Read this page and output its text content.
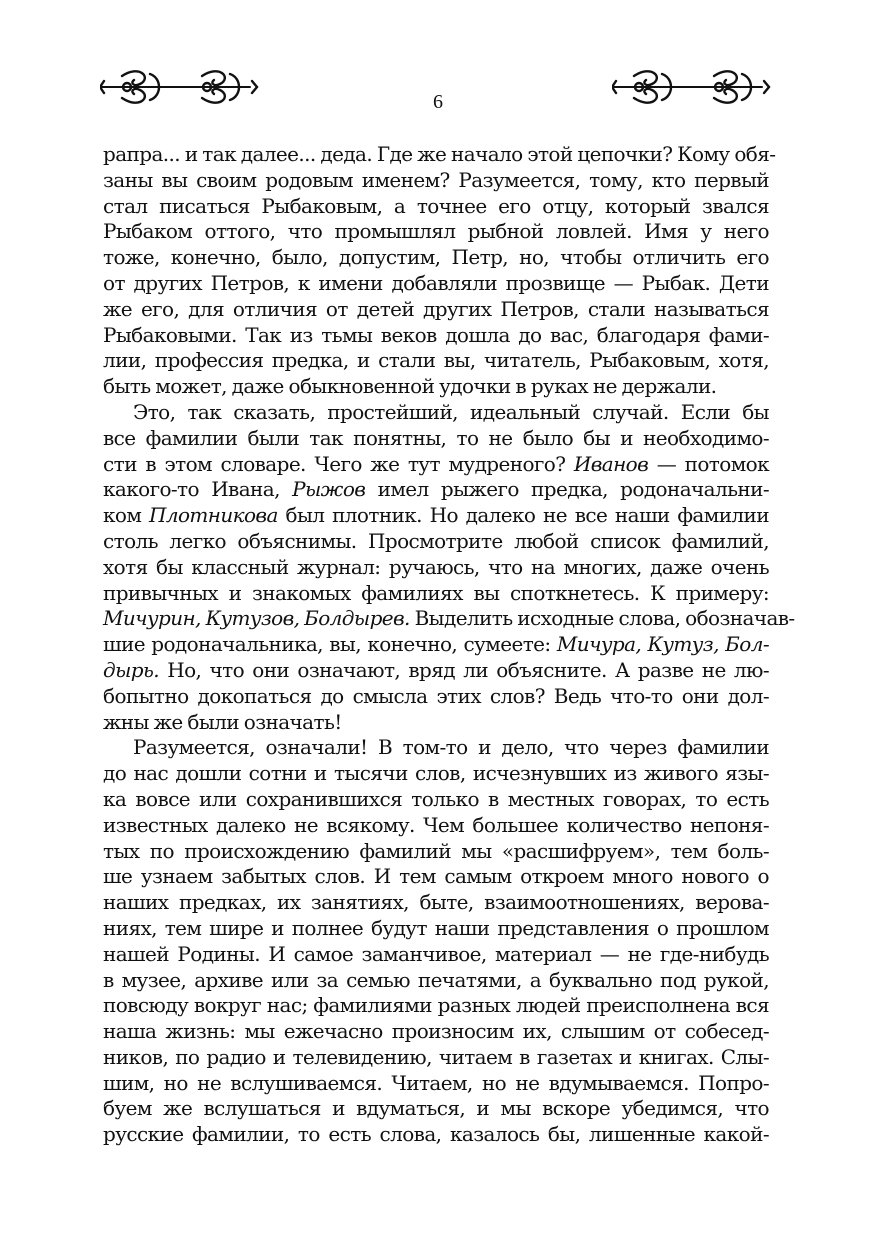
6
рапра... и так далее... деда. Где же начало этой цепочки? Кому обя-
заны вы своим родовым именем? Разумеется, тому, кто первый
стал писаться Рыбаковым, а точнее его отцу, который звался
Рыбаком оттого, что промышлял рыбной ловлей. Имя у него
тоже, конечно, было, допустим, Петр, но, чтобы отличить его
от других Петров, к имени добавляли прозвище — Рыбак. Дети
же его, для отличия от детей других Петров, стали называться
Рыбаковыми. Так из тьмы веков дошла до вас, благодаря фами-
лии, профессия предка, и стали вы, читатель, Рыбаковым, хотя,
быть может, даже обыкновенной удочки в руках не держали.
Это, так сказать, простейший, идеальный случай. Если бы
все фамилии были так понятны, то не было бы и необходимо-
сти в этом словаре. Чего же тут мудреного? Иванов — потомок
какого-то Ивана, Рыжов имел рыжего предка, родоначальни-
ком Плотникова был плотник. Но далеко не все наши фамилии
столь легко объяснимы. Просмотрите любой список фамилий,
хотя бы классный журнал: ручаюсь, что на многих, даже очень
привычных и знакомых фамилиях вы споткнетесь. К примеру:
Мичурин, Кутузов, Болдырев. Выделить исходные слова, обозначав-
шие родоначальника, вы, конечно, сумеете: Мичура, Кутуз, Бол-
дырь. Но, что они означают, вряд ли объясните. А разве не лю-
бопытно докопаться до смысла этих слов? Ведь что-то они дол-
жны же были означать!
Разумеется, означали! В том-то и дело, что через фамилии
до нас дошли сотни и тысячи слов, исчезнувших из живого язы-
ка вовсе или сохранившихся только в местных говорах, то есть
известных далеко не всякому. Чем большее количество непоня-
тых по происхождению фамилий мы «расшифруем», тем боль-
ше узнаем забытых слов. И тем самым откроем много нового о
наших предках, их занятиях, быте, взаимоотношениях, верова-
ниях, тем шире и полнее будут наши представления о прошлом
нашей Родины. И самое заманчивое, материал — не где-нибудь
в музее, архиве или за семью печатями, а буквально под рукой,
повсюду вокруг нас; фамилиями разных людей преисполнена вся
наша жизнь: мы ежечасно произносим их, слышим от собесед-
ников, по радио и телевидению, читаем в газетах и книгах. Слы-
шим, но не вслушиваемся. Читаем, но не вдумываемся. Попро-
буем же вслушаться и вдуматься, и мы вскоре убедимся, что
русские фамилии, то есть слова, казалось бы, лишенные какой-
